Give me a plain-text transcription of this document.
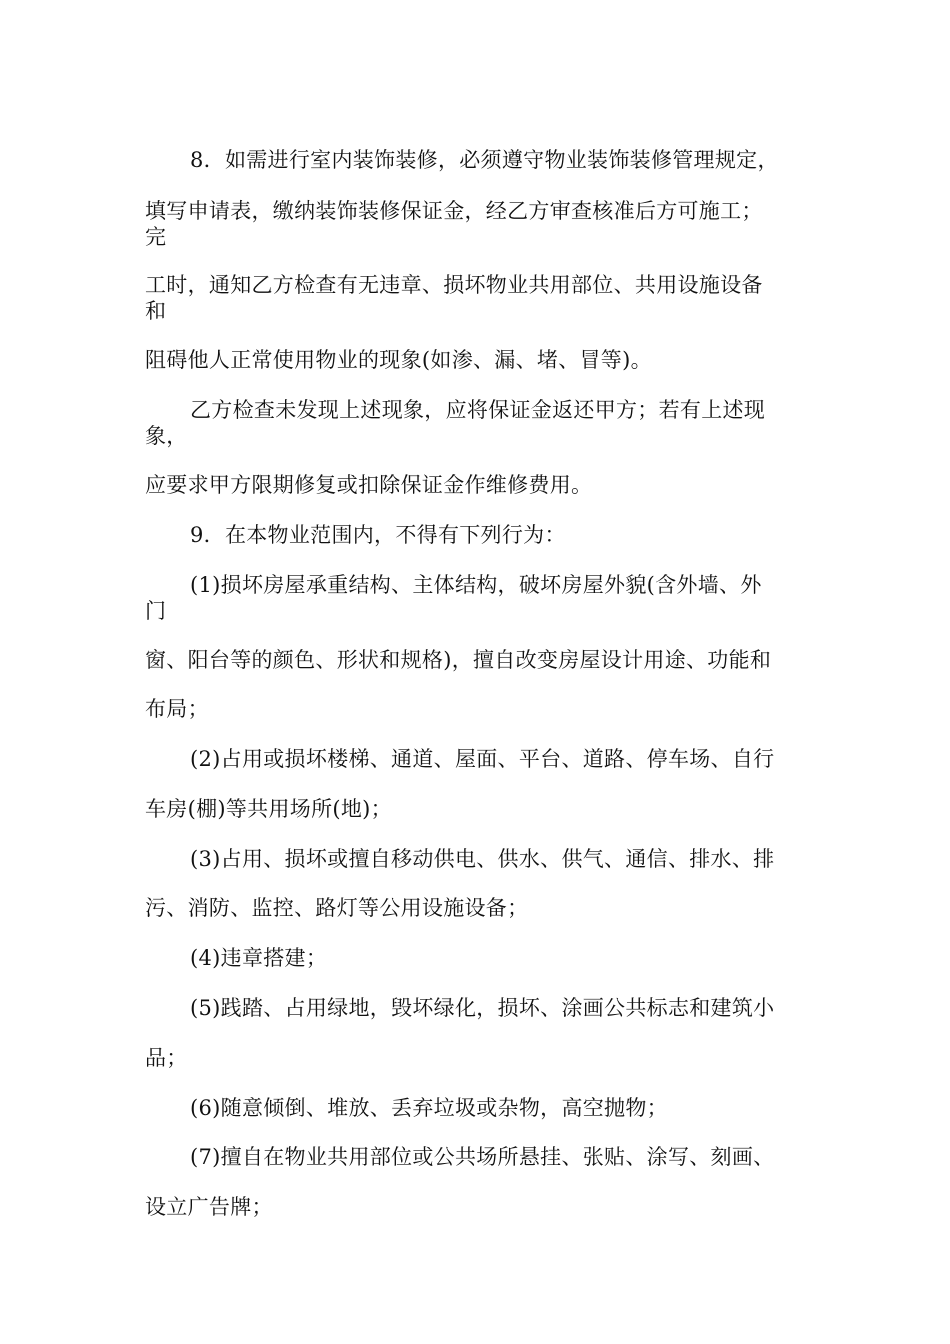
8．如需进行室内装饰装修，必须遵守物业装饰装修管理规定，
填写申请表，缴纳装饰装修保证金，经乙方审查核准后方可施工；
完
工时，通知乙方检查有无违章、损坏物业共用部位、共用设施设备
和
阻碍他人正常使用物业的现象(如渗、漏、堵、冒等)。
乙方检查未发现上述现象，应将保证金返还甲方；若有上述现
象，
应要求甲方限期修复或扣除保证金作维修费用。
9．在本物业范围内，不得有下列行为：
(1)损坏房屋承重结构、主体结构，破坏房屋外貌(含外墙、外
门
窗、阳台等的颜色、形状和规格)，擅自改变房屋设计用途、功能和
布局；
(2)占用或损坏楼梯、通道、屋面、平台、道路、停车场、自行
车房(棚)等共用场所(地)；
(3)占用、损坏或擅自移动供电、供水、供气、通信、排水、排
污、消防、监控、路灯等公用设施设备；
(4)违章搭建；
(5)践踏、占用绿地，毁坏绿化，损坏、涂画公共标志和建筑小
品；
(6)随意倾倒、堆放、丢弃垃圾或杂物，高空抛物；
(7)擅自在物业共用部位或公共场所悬挂、张贴、涂写、刻画、
设立广告牌；
